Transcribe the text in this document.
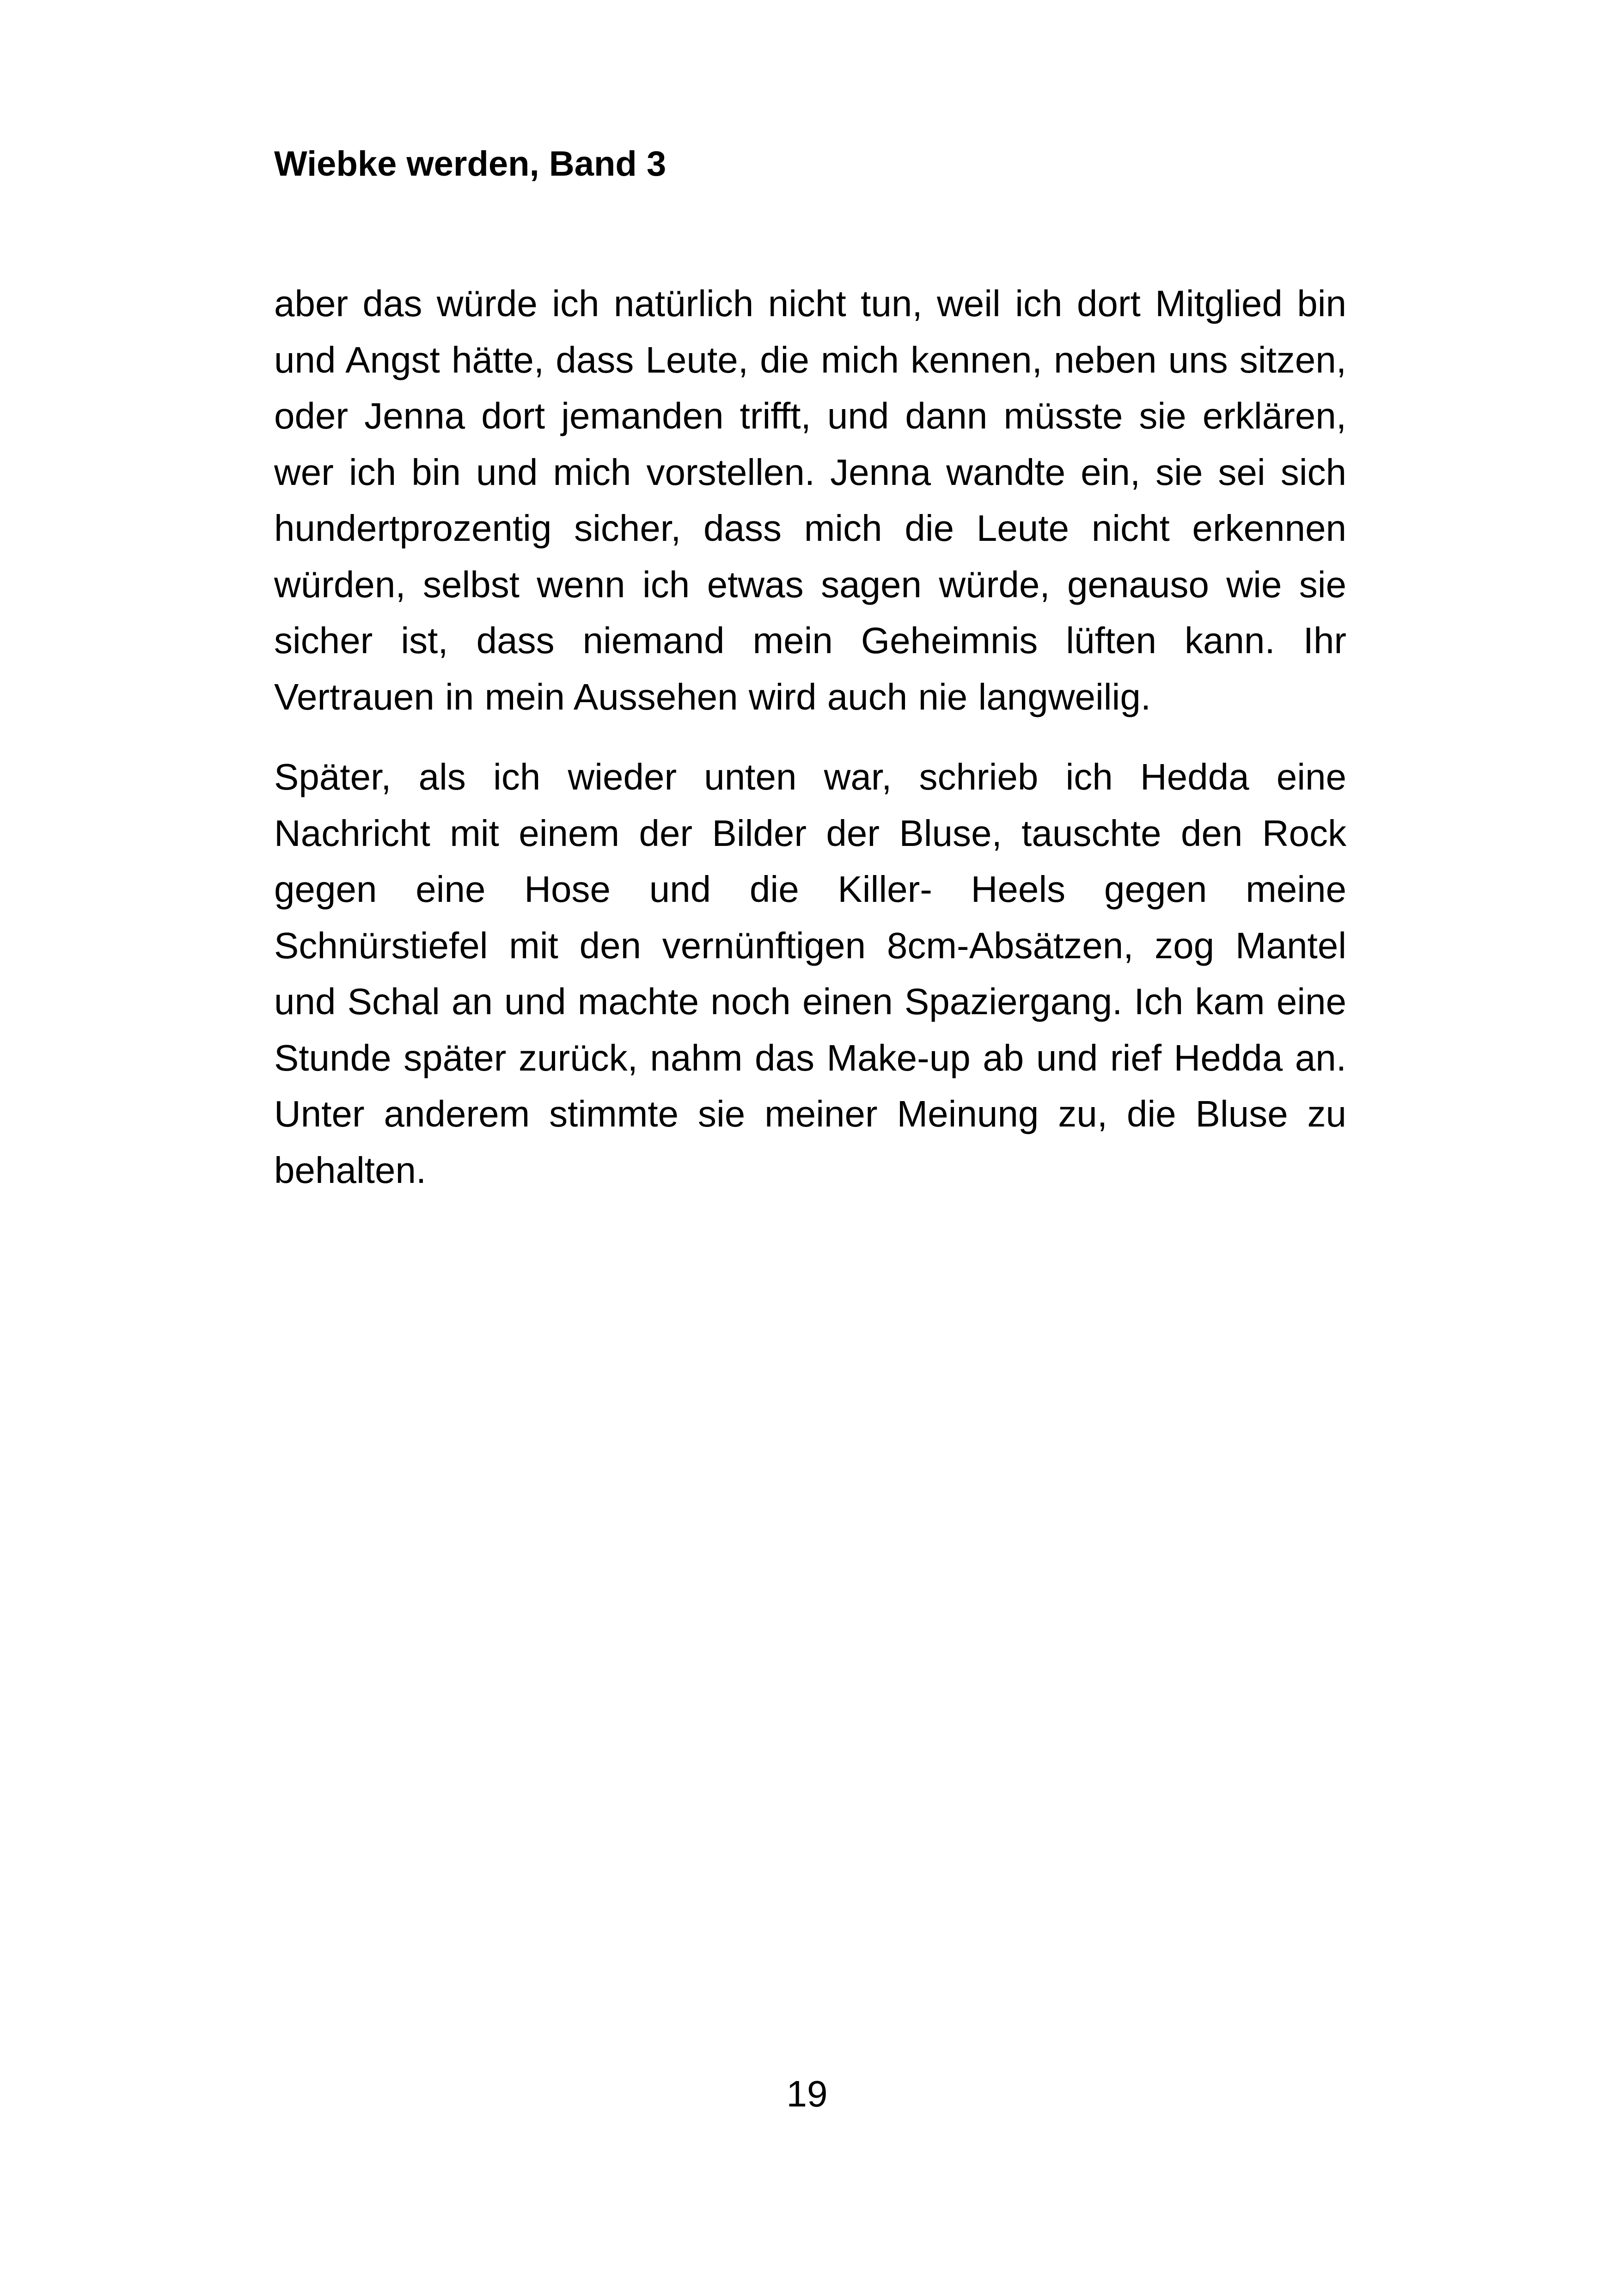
Wiebke werden, Band 3

aber das würde ich natürlich nicht tun, weil ich dort Mitglied bin und Angst hätte, dass Leute, die mich kennen, neben uns sitzen, oder Jenna dort jemanden trifft, und dann müsste sie erklären, wer ich bin und mich vorstellen. Jenna wandte ein, sie sei sich hundertprozentig sicher, dass mich die Leute nicht erkennen würden, selbst wenn ich etwas sagen würde, genauso wie sie sicher ist, dass niemand mein Geheimnis lüften kann. Ihr Vertrauen in mein Aussehen wird auch nie langweilig.

Später, als ich wieder unten war, schrieb ich Hedda eine Nachricht mit einem der Bilder der Bluse, tauschte den Rock gegen eine Hose und die Killer- Heels gegen meine Schnürstiefel mit den vernünftigen 8cm-Absätzen, zog Mantel und Schal an und machte noch einen Spaziergang. Ich kam eine Stunde später zurück, nahm das Make-up ab und rief Hedda an. Unter anderem stimmte sie meiner Meinung zu, die Bluse zu behalten.

19
